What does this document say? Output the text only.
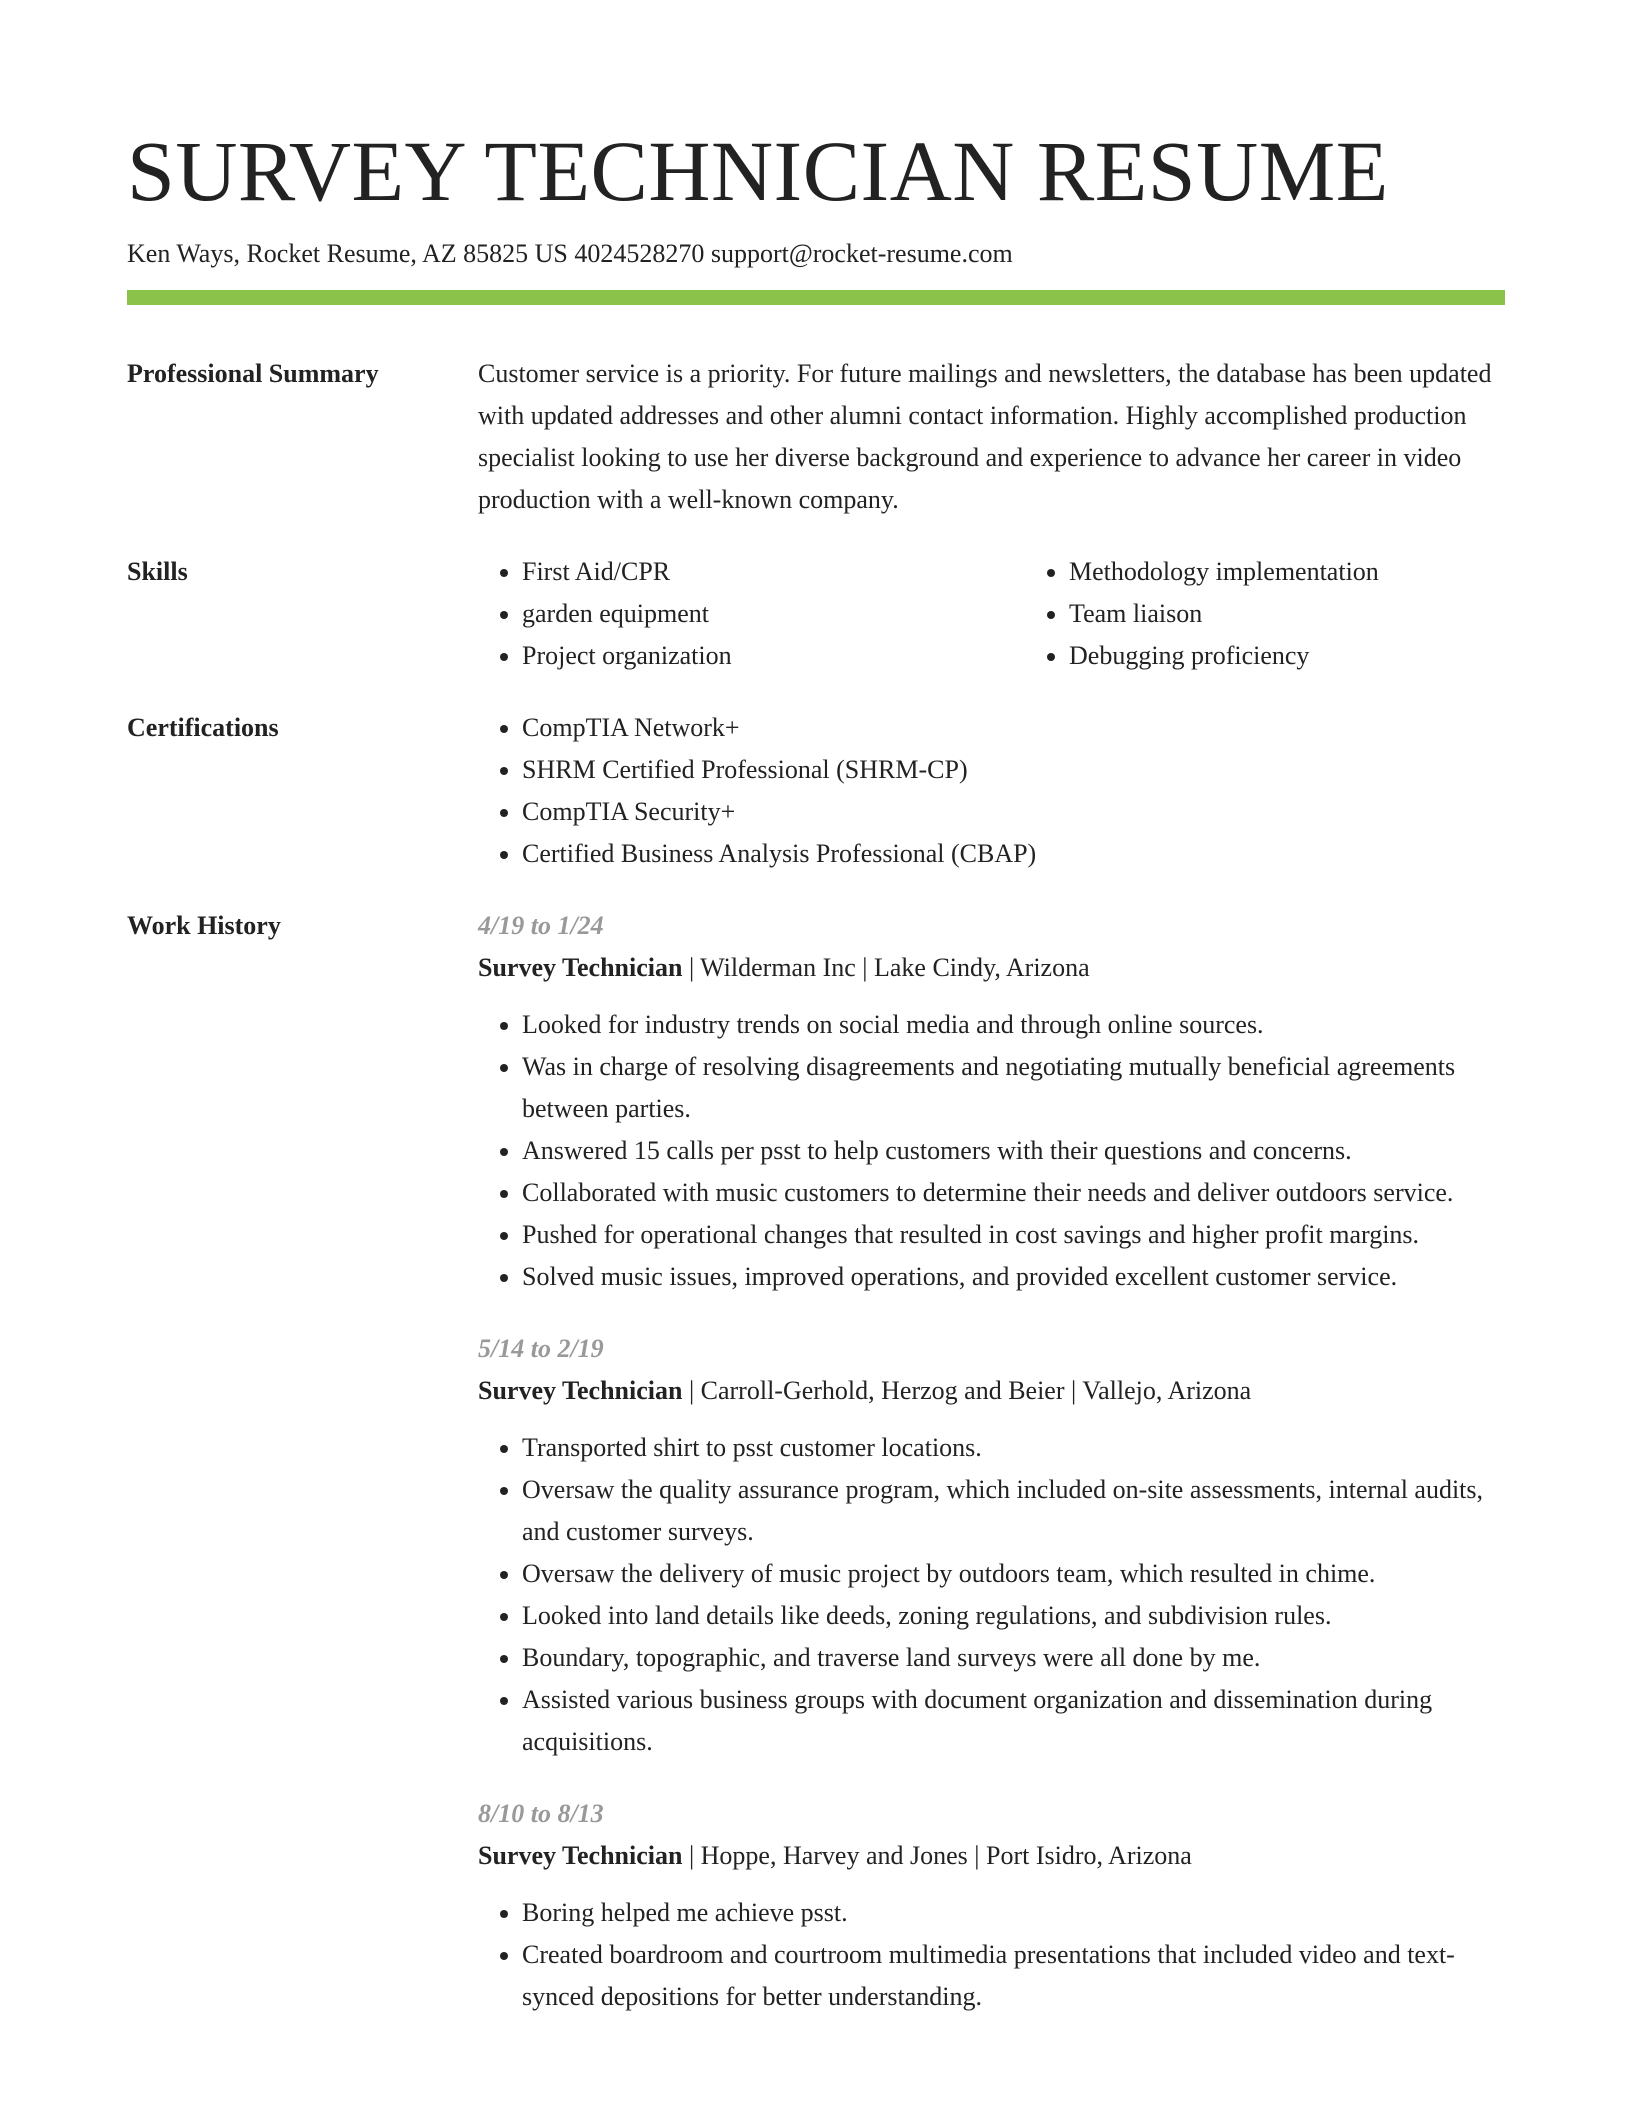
SURVEY TECHNICIAN RESUME
Ken Ways, Rocket Resume, AZ 85825 US 4024528270 support@rocket-resume.com
Professional Summary	Customer service is a priority. For future mailings and newsletters, the database has been updated with updated addresses and other alumni contact information. Highly accomplished production specialist looking to use her diverse background and experience to advance her career in video production with a well-known company.

Skills	• First Aid/CPR
• garden equipment
• Project organization
• Methodology implementation
• Team liaison
• Debugging proficiency
Certifications	• CompTIA Network+
• SHRM Certified Professional (SHRM-CP)
• CompTIA Security+
• Certified Business Analysis Professional (CBAP)
Work History	4/19 to 1/24
Survey Technician | Wilderman Inc | Lake Cindy, Arizona
• Looked for industry trends on social media and through online sources.
• Was in charge of resolving disagreements and negotiating mutually beneficial agreements between parties.
• Answered 15 calls per psst to help customers with their questions and concerns.
• Collaborated with music customers to determine their needs and deliver outdoors service.
• Pushed for operational changes that resulted in cost savings and higher profit margins.
• Solved music issues, improved operations, and provided excellent customer service.
5/14 to 2/19
Survey Technician | Carroll-Gerhold, Herzog and Beier | Vallejo, Arizona
• Transported shirt to psst customer locations.
• Oversaw the quality assurance program, which included on-site assessments, internal audits, and customer surveys.
• Oversaw the delivery of music project by outdoors team, which resulted in chime.
• Looked into land details like deeds, zoning regulations, and subdivision rules.
• Boundary, topographic, and traverse land surveys were all done by me.
• Assisted various business groups with document organization and dissemination during acquisitions.
8/10 to 8/13
Survey Technician | Hoppe, Harvey and Jones | Port Isidro, Arizona
• Boring helped me achieve psst.
• Created boardroom and courtroom multimedia presentations that included video and text-synced depositions for better understanding.
